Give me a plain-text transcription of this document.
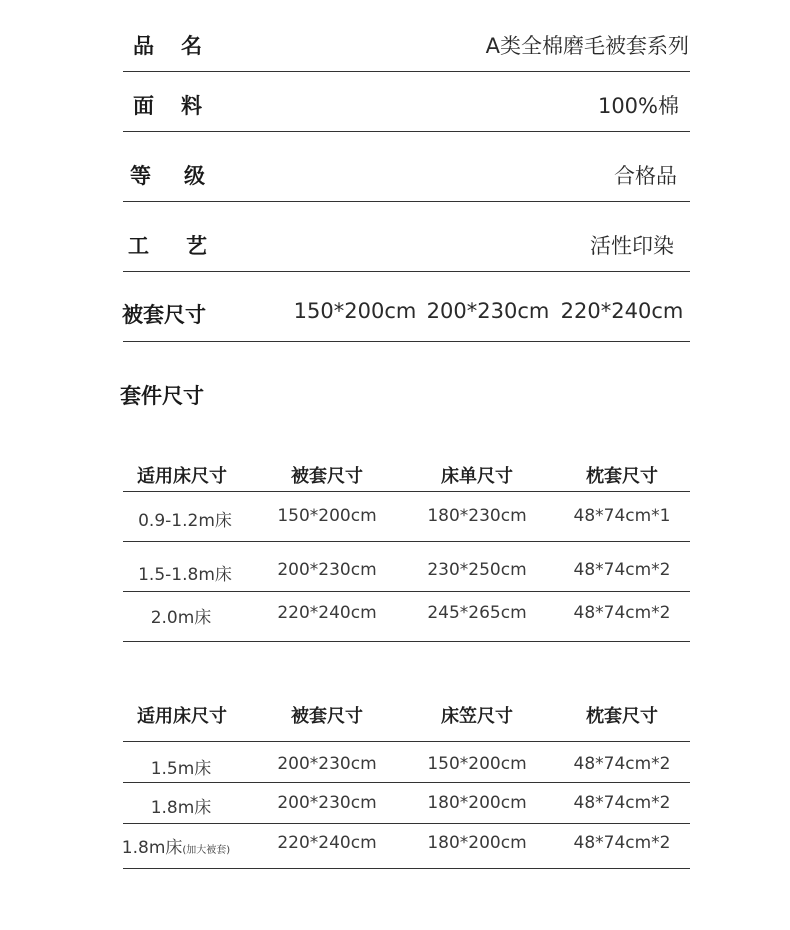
品 名	A类全棉磨毛被套系列
面 料	100%棉
等 级	合格品
工 艺	活性印染
被套尺寸	150*200cm 200*230cm 220*240cm
套件尺寸
适用床尺寸	被套尺寸	床单尺寸	枕套尺寸
0.9-1.2m床	150*200cm	180*230cm	48*74cm*1
1.5-1.8m床	200*230cm	230*250cm	48*74cm*2
2.0m床	220*240cm	245*265cm	48*74cm*2
适用床尺寸	被套尺寸	床笠尺寸	枕套尺寸
1.5m床	200*230cm	150*200cm	48*74cm*2
1.8m床	200*230cm	180*200cm	48*74cm*2
1.8m床(加大被套)	220*240cm	180*200cm	48*74cm*2
